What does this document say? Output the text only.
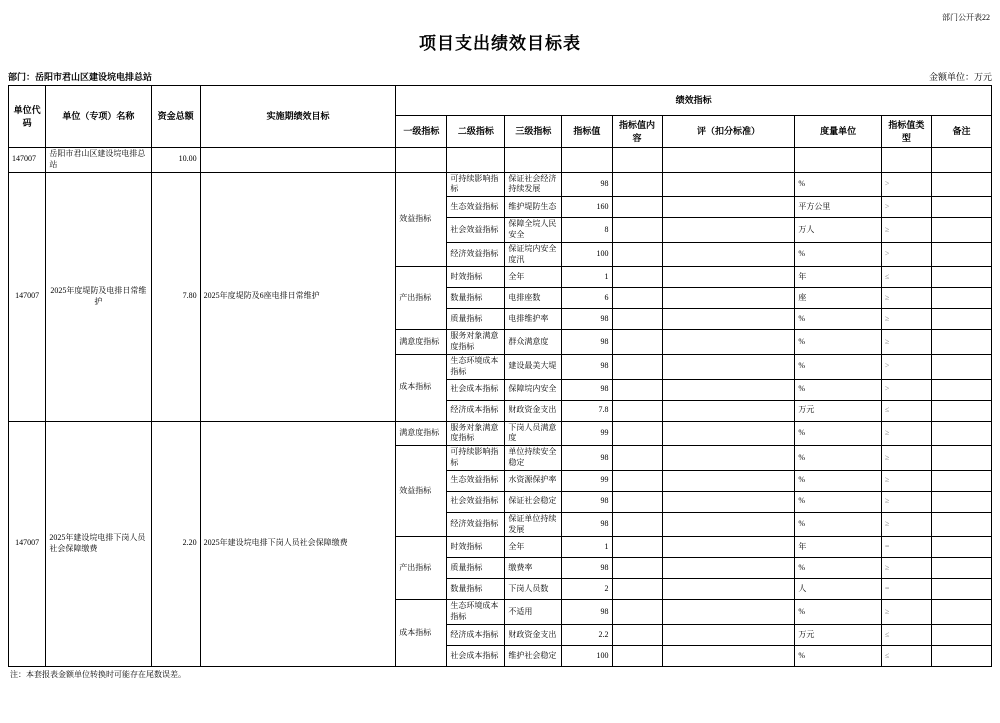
部门公开表22
项目支出绩效目标表
部门：岳阳市君山区建设垸电排总站	金额单位：万元
单位代码	单位（专项）名称	资金总额	实施期绩效目标	绩效指标								
				一级指标	二级指标	三级指标	指标值	指标值内容	评（扣分标准）	度量单位	指标值类型	备注
147007	岳阳市君山区建设垸电排总站	10.00										
147007	2025年度堤防及电排日常维护	7.80	2025年度堤防及6座电排日常维护	效益指标	可持续影响指标	保证社会经济持续发展	98			%	>	
					生态效益指标	维护堤防生态	160			平方公里	>	
					社会效益指标	保障全垸人民安全	8			万人	≥	
					经济效益指标	保证垸内安全度汛	100			%	>	
				产出指标	时效指标	全年	1			年	≤	
					数量指标	电排座数	6			座	≥	
					质量指标	电排维护率	98			%	≥	
				满意度指标	服务对象满意度指标	群众满意度	98			%	≥	
				成本指标	生态环境成本指标	建设最美大堤	98			%	>	
					社会成本指标	保障垸内安全	98			%	>	
					经济成本指标	财政资金支出	7.8			万元	≤	
147007	2025年建设垸电排下岗人员社会保障缴费	2.20	2025年建设垸电排下岗人员社会保障缴费	满意度指标	服务对象满意度指标	下岗人员满意度	99			%	≥	
				效益指标	可持续影响指标	单位持续安全稳定	98			%	≥	
					生态效益指标	水资源保护率	99			%	≥	
					社会效益指标	保证社会稳定	98			%	≥	
					经济效益指标	保证单位持续发展	98			%	≥	
				产出指标	时效指标	全年	1			年	=	
					质量指标	缴费率	98			%	≥	
					数量指标	下岗人员数	2			人	=	
				成本指标	生态环境成本指标	不适用	98			%	≥	
					经济成本指标	财政资金支出	2.2			万元	≤	
					社会成本指标	维护社会稳定	100			%	≤	
注：本套报表金额单位转换时可能存在尾数误差。
